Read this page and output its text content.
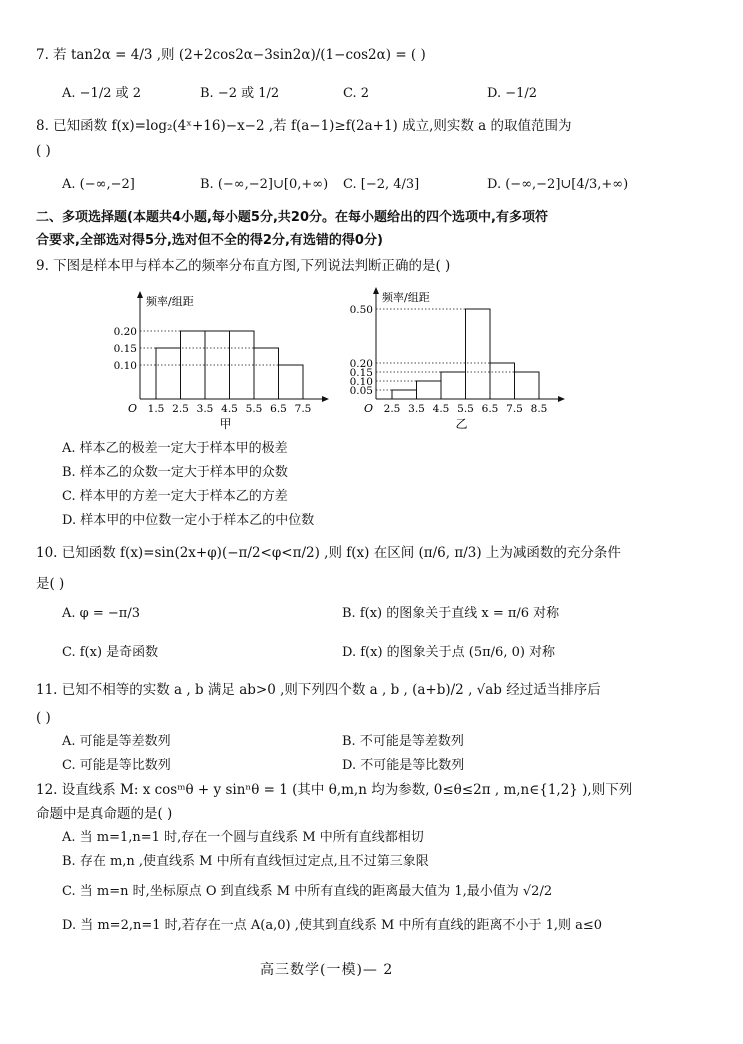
7. 若 tan2α = 4/3 ,则 (2+2cos2α−3sin2α)/(1−cos2α) = ( )
A. −1/2 或 2	B. −2 或 1/2	C. 2	D. −1/2
8. 已知函数 f(x)=log₂(4ˣ+16)−x−2 ,若 f(a−1)≥f(2a+1) 成立,则实数 a 的取值范围为
( )
A. (−∞,−2]	B. (−∞,−2]∪[0,+∞) C. [−2, 4/3]	D. (−∞,−2]∪[4/3,+∞)
二、多项选择题(本题共4小题,每小题5分,共20分。在每小题给出的四个选项中,有多项符
合要求,全部选对得5分,选对但不全的得2分,有选错的得0分)
9. 下图是样本甲与样本乙的频率分布直方图,下列说法判断正确的是( )
频率/组距
O
0.20
0.15
0.10
1.5 2.5 3.5 4.5 5.5 6.5 7.5
甲
频率/组距
O
0.50
0.20
0.15
0.10
0.05
2.5 3.5 4.5 5.5 6.5 7.5 8.5
乙
A. 样本乙的极差一定大于样本甲的极差
B. 样本乙的众数一定大于样本甲的众数
C. 样本甲的方差一定大于样本乙的方差
D. 样本甲的中位数一定小于样本乙的中位数
10. 已知函数 f(x)=sin(2x+φ)(−π/2<φ<π/2) ,则 f(x) 在区间 (π/6, π/3) 上为减函数的充分条件
是( )
A. φ = −π/3	B. f(x) 的图象关于直线 x = π/6 对称
C. f(x) 是奇函数	D. f(x) 的图象关于点 (5π/6, 0) 对称
11. 已知不相等的实数 a , b 满足 ab>0 ,则下列四个数 a , b , (a+b)/2 , √ab 经过适当排序后
( )
A. 可能是等差数列	B. 不可能是等差数列
C. 可能是等比数列	D. 不可能是等比数列
12. 设直线系 M: x cosᵐθ + y sinⁿθ = 1 (其中 θ,m,n 均为参数, 0≤θ≤2π , m,n∈{1,2} ),则下列
命题中是真命题的是( )
A. 当 m=1,n=1 时,存在一个圆与直线系 M 中所有直线都相切
B. 存在 m,n ,使直线系 M 中所有直线恒过定点,且不过第三象限
C. 当 m=n 时,坐标原点 O 到直线系 M 中所有直线的距离最大值为 1,最小值为 √2/2
D. 当 m=2,n=1 时,若存在一点 A(a,0) ,使其到直线系 M 中所有直线的距离不小于 1,则 a≤0
高三数学(一模)— 2
